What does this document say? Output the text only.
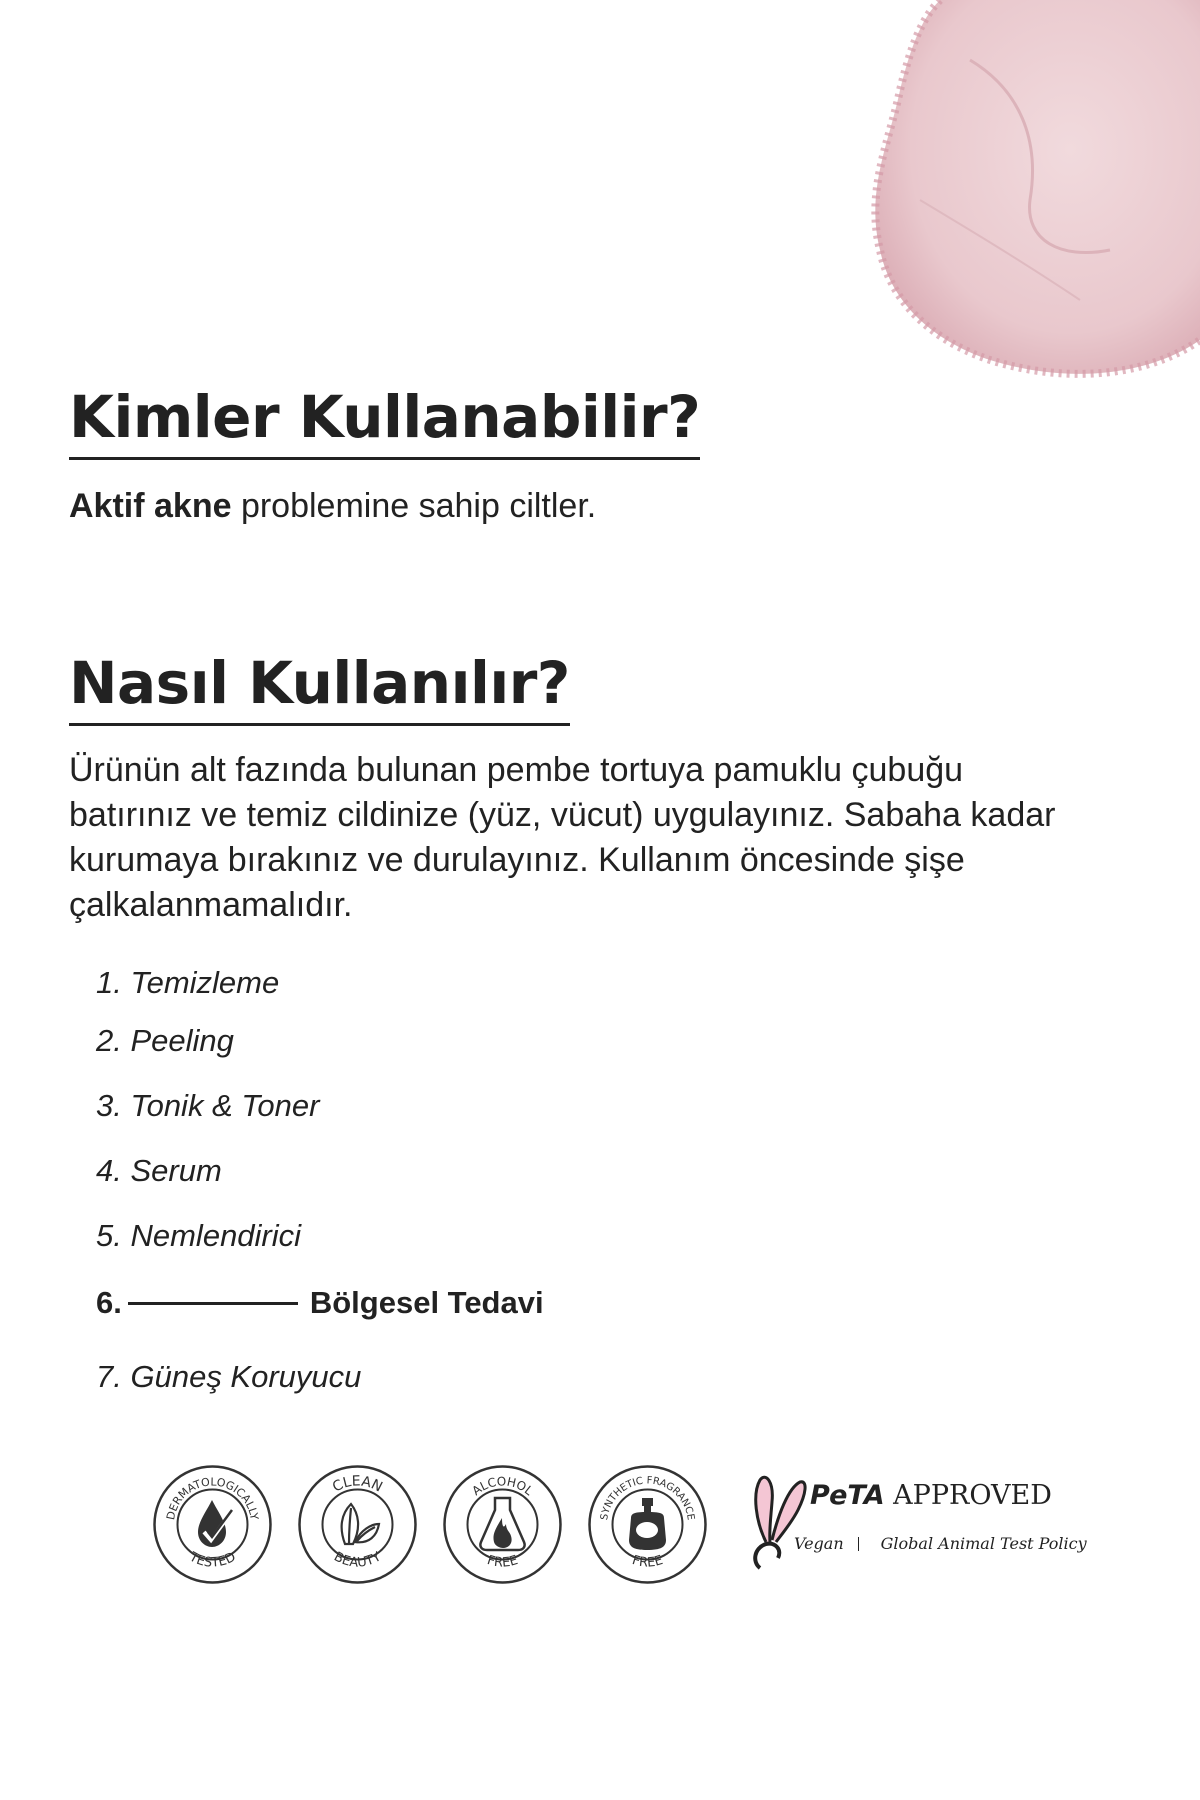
Kimler Kullanabilir?

Aktif akne problemine sahip ciltler.

Nasıl Kullanılır?

Ürünün alt fazında bulunan pembe tortuya pamuklu çubuğu batırınız ve temiz cildinize (yüz, vücut) uygulayınız. Sabaha kadar kurumaya bırakınız ve durulayınız. Kullanım öncesinde şişe çalkalanmamalıdır.

1. Temizleme
2. Peeling
3. Tonik & Toner
4. Serum
5. Nemlendirici
6.	Bölgesel Tedavi
7. Güneş Koruyucu
DERMATOLOGICALLY
TESTED
CLEAN
BEAUTY
ALCOHOL
FREE
SYNTHETIC FRAGRANCE
FREE
PeTA APPROVED
Vegan Global Animal Test Policy
